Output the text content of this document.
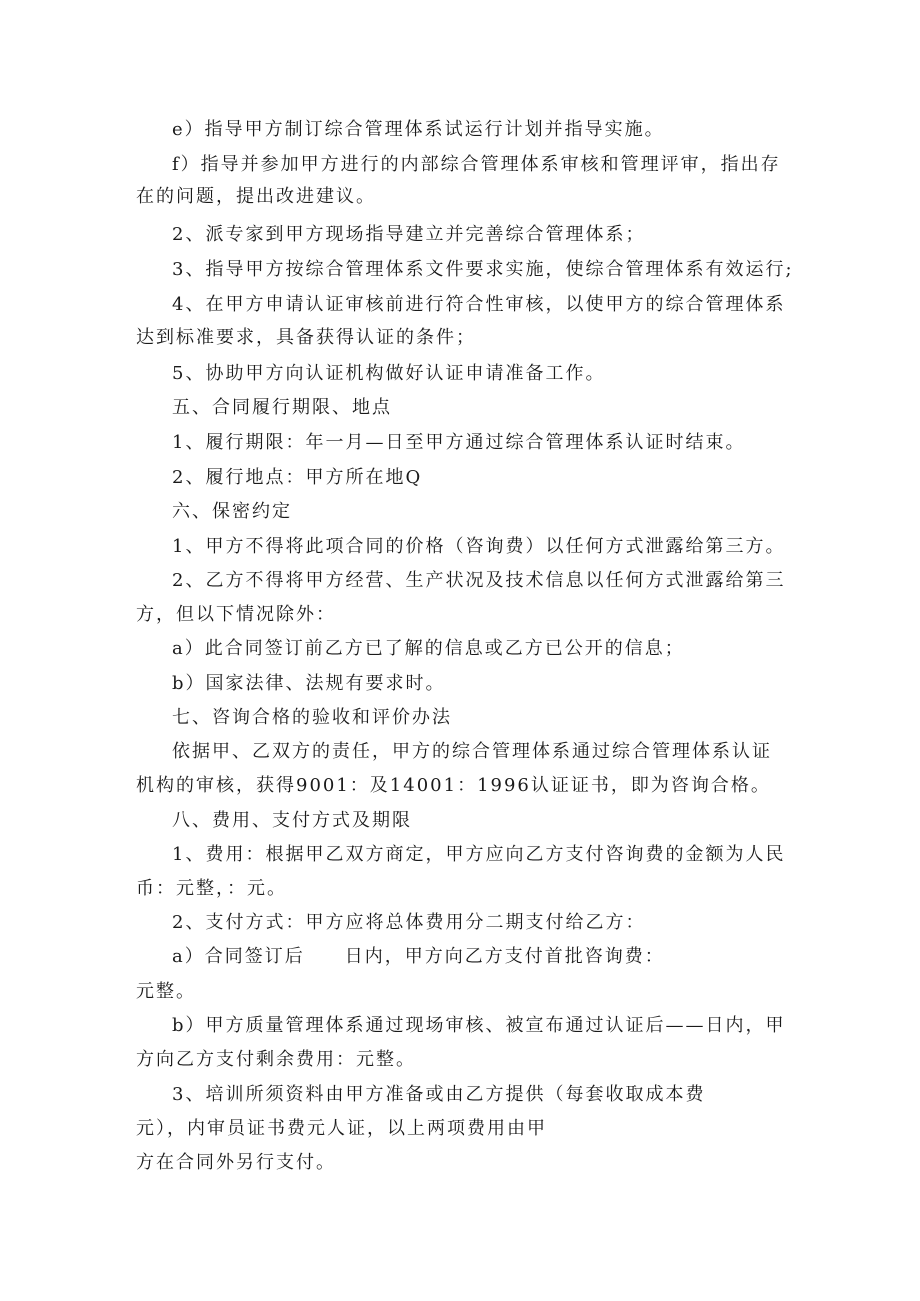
e）指导甲方制订综合管理体系试运行计划并指导实施。
f）指导并参加甲方进行的内部综合管理体系审核和管理评审，指出存
在的问题，提出改进建议。
2、派专家到甲方现场指导建立并完善综合管理体系；
3、指导甲方按综合管理体系文件要求实施，使综合管理体系有效运行;
4、在甲方申请认证审核前进行符合性审核，以使甲方的综合管理体系
达到标准要求，具备获得认证的条件；
5、协助甲方向认证机构做好认证申请准备工作。
五、合同履行期限、地点
1、履行期限：年一月—日至甲方通过综合管理体系认证时结束。
2、履行地点：甲方所在地Q
六、保密约定
1、甲方不得将此项合同的价格（咨询费）以任何方式泄露给第三方。
2、乙方不得将甲方经营、生产状况及技术信息以任何方式泄露给第三
方，但以下情况除外：
a）此合同签订前乙方已了解的信息或乙方已公开的信息；
b）国家法律、法规有要求时。
七、咨询合格的验收和评价办法
依据甲、乙双方的责任，甲方的综合管理体系通过综合管理体系认证
机构的审核，获得9001：及14001：1996认证证书，即为咨询合格。
八、费用、支付方式及期限
1、费用：根据甲乙双方商定，甲方应向乙方支付咨询费的金额为人民
币：元整，：元。
2、支付方式：甲方应将总体费用分二期支付给乙方：
a）合同签订后　　日内，甲方向乙方支付首批咨询费：
元整。
b）甲方质量管理体系通过现场审核、被宣布通过认证后——日内，甲
方向乙方支付剩余费用：元整。
3、培训所须资料由甲方准备或由乙方提供（每套收取成本费
元），内审员证书费元人证，以上两项费用由甲
方在合同外另行支付。
